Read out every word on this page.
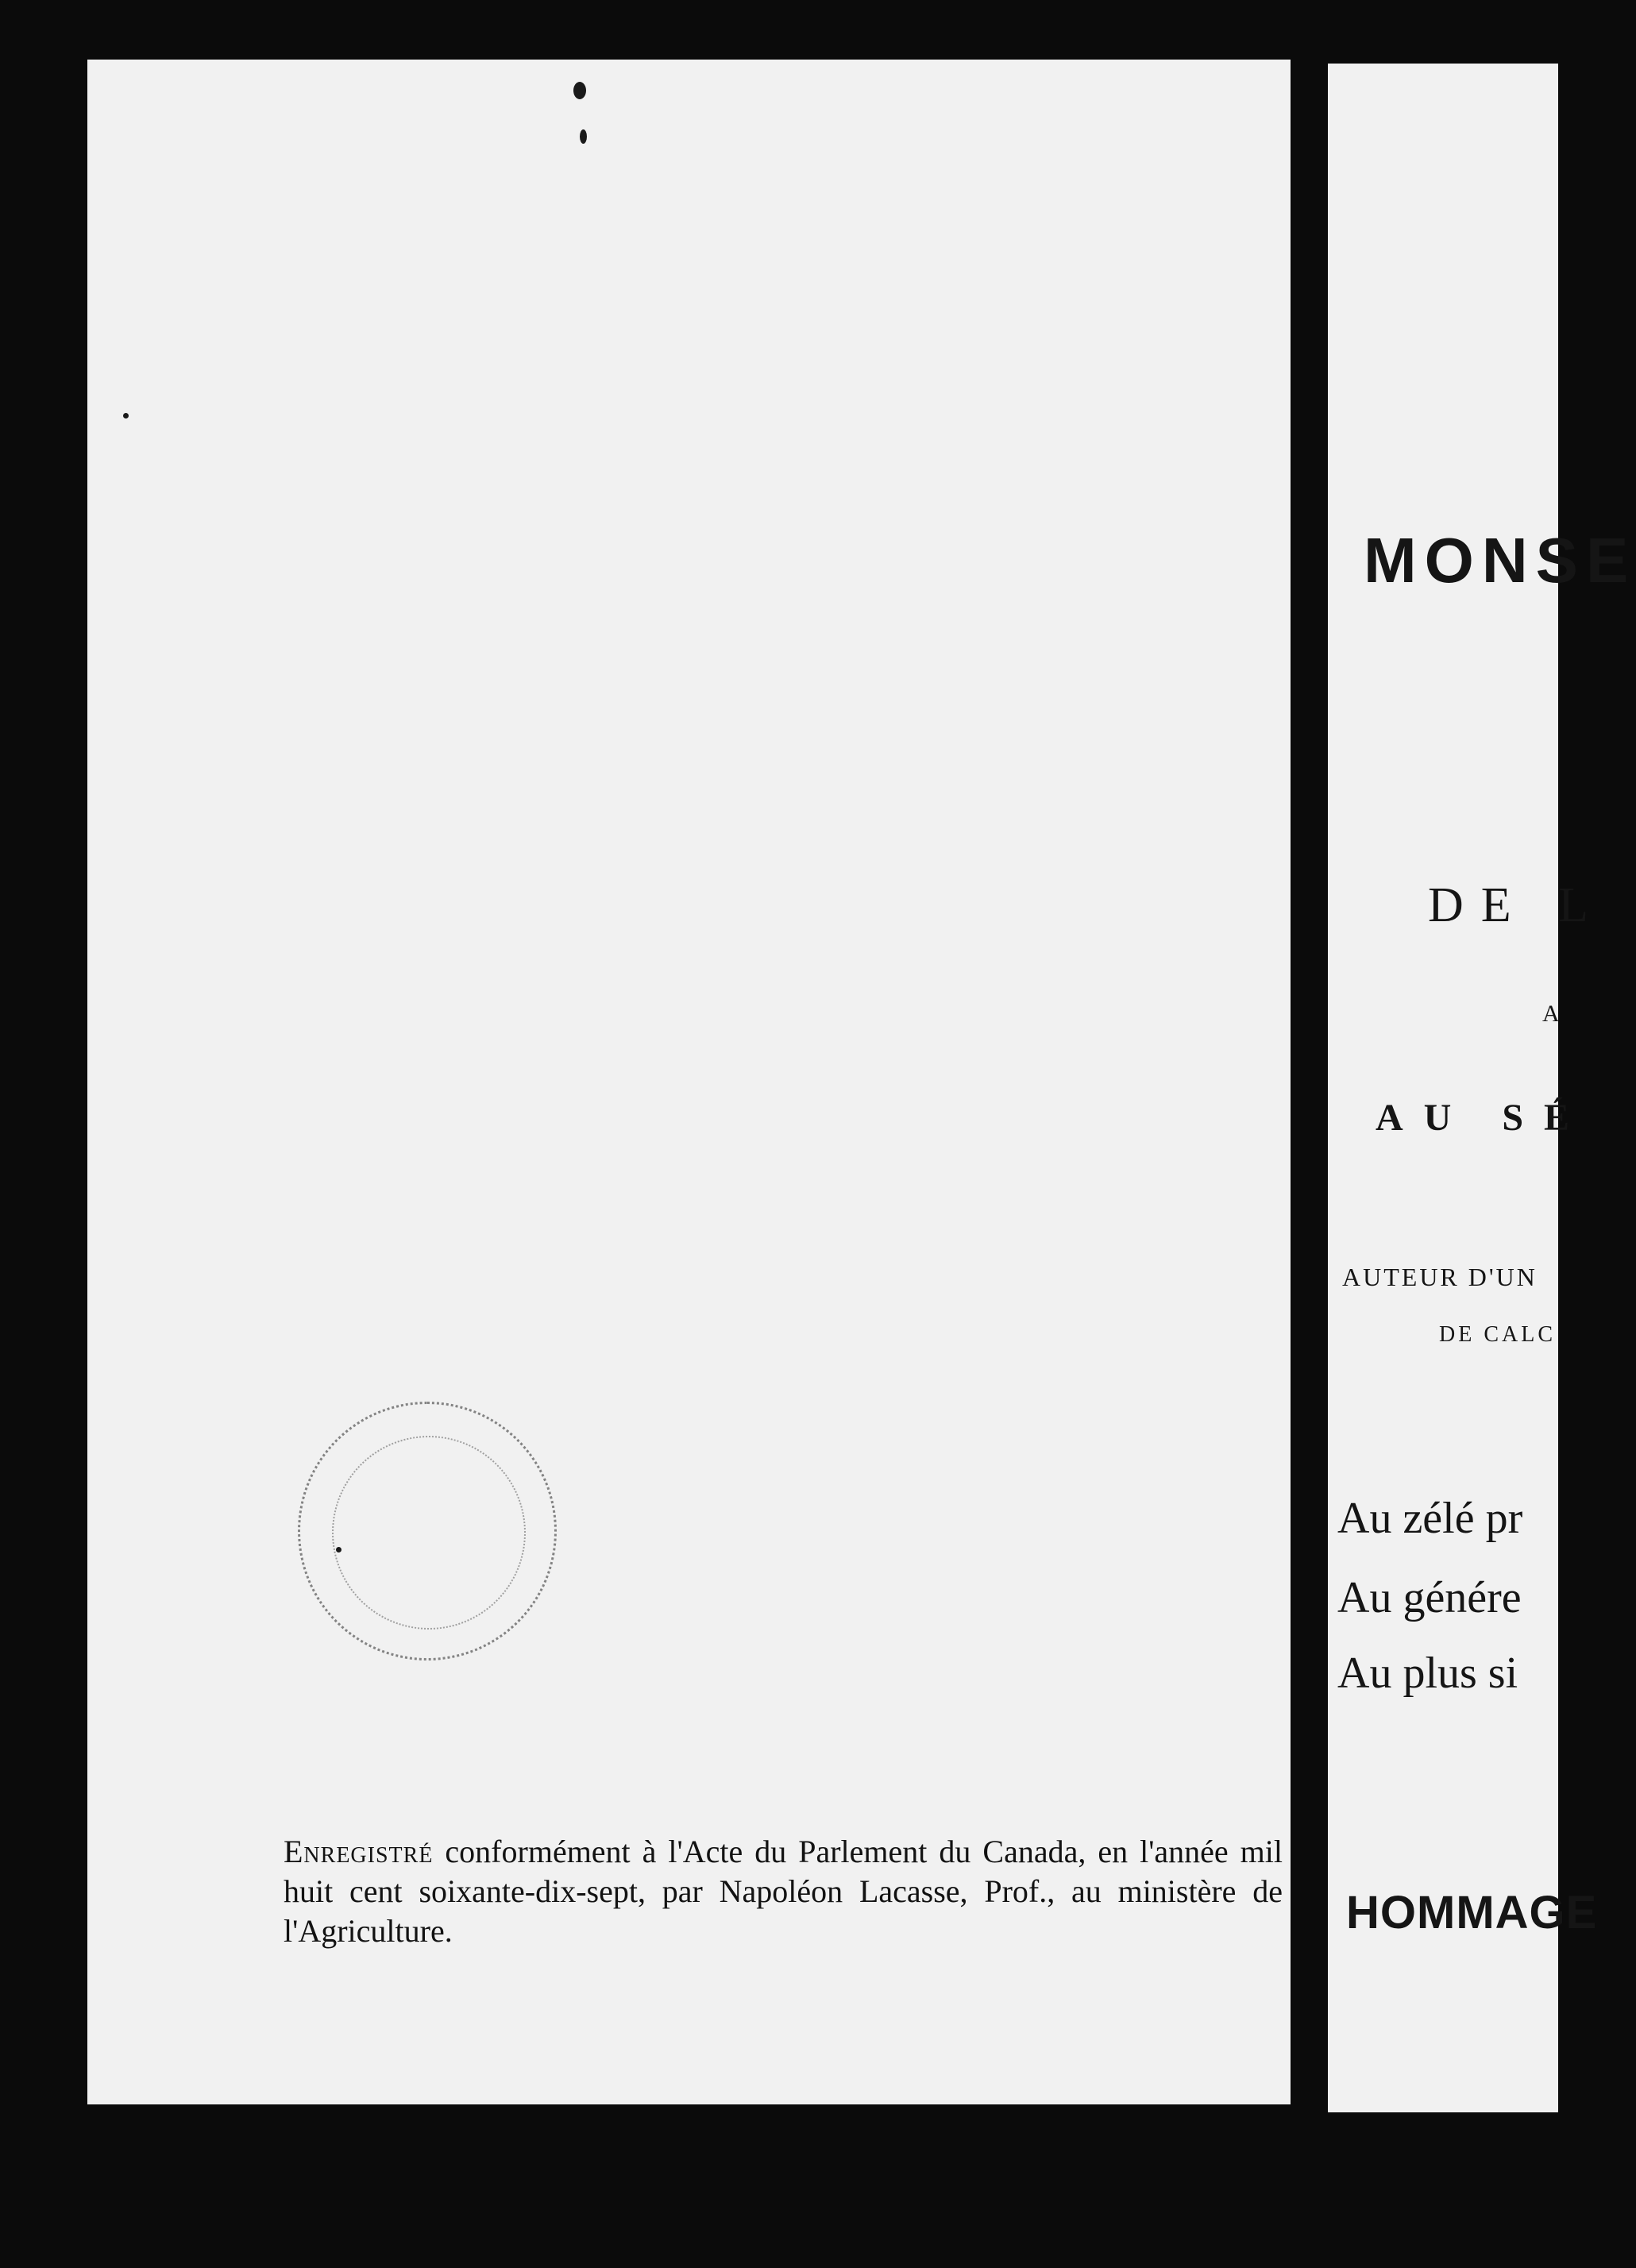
MONSE
DE L
A
AU SÉ
AUTEUR D'UN
DE CALC
Au zélé pr
Au génére
Au plus si
HOMMAGE
Enregistré conformément à l'Acte du Parlement du Canada, en l'année mil huit cent soixante-dix-sept, par Napoléon Lacasse, Prof., au ministère de l'Agriculture.
